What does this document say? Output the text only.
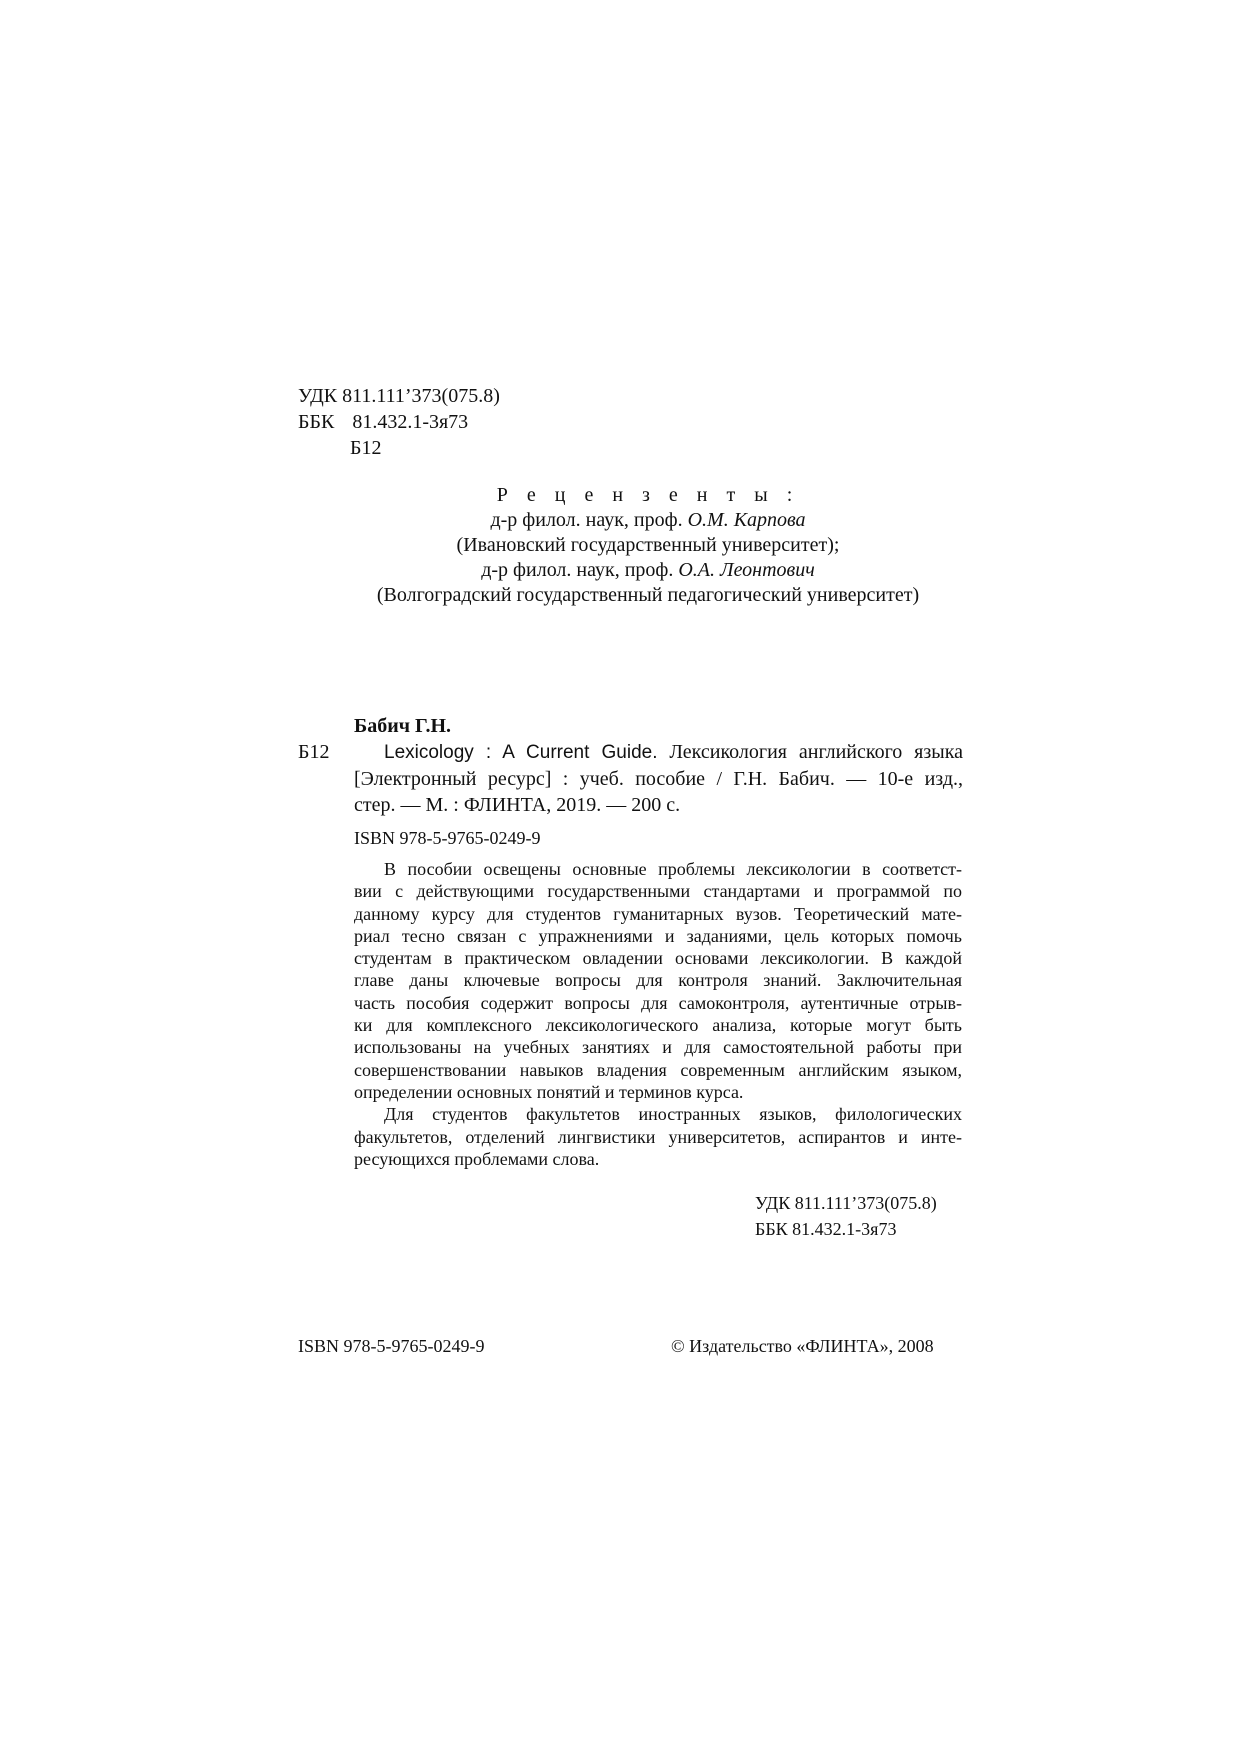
УДК 811.111’373(075.8)
ББК 81.432.1-3я73
Б12
Р е ц е н з е н т ы :
д-р филол. наук, проф. О.М. Карпова
(Ивановский государственный университет);
д-р филол. наук, проф. О.А. Леонтович
(Волгоградский государственный педагогический университет)
Бабич Г.Н.
Б12	Lexicology : A Current Guide. Лексикология английского языка
[Электронный ресурс] : учеб. пособие / Г.Н. Бабич. — 10-е изд.,
стер. — М. : ФЛИНТА, 2019. — 200 с.
ISBN 978-5-9765-0249-9
В пособии освещены основные проблемы лексикологии в соответст-
вии с действующими государственными стандартами и программой по
данному курсу для студентов гуманитарных вузов. Теоретический мате-
риал тесно связан с упражнениями и заданиями, цель которых помочь
студентам в практическом овладении основами лексикологии. В каждой
главе даны ключевые вопросы для контроля знаний. Заключительная
часть пособия содержит вопросы для самоконтроля, аутентичные отрыв-
ки для комплексного лексикологического анализа, которые могут быть
использованы на учебных занятиях и для самостоятельной работы при
совершенствовании навыков владения современным английским языком,
определении основных понятий и терминов курса.
Для студентов факультетов иностранных языков, филологических
факультетов, отделений лингвистики университетов, аспирантов и инте-
ресующихся проблемами слова.
УДК 811.111’373(075.8)
ББК 81.432.1-3я73
ISBN 978-5-9765-0249-9	© Издательство «ФЛИНТА», 2008
